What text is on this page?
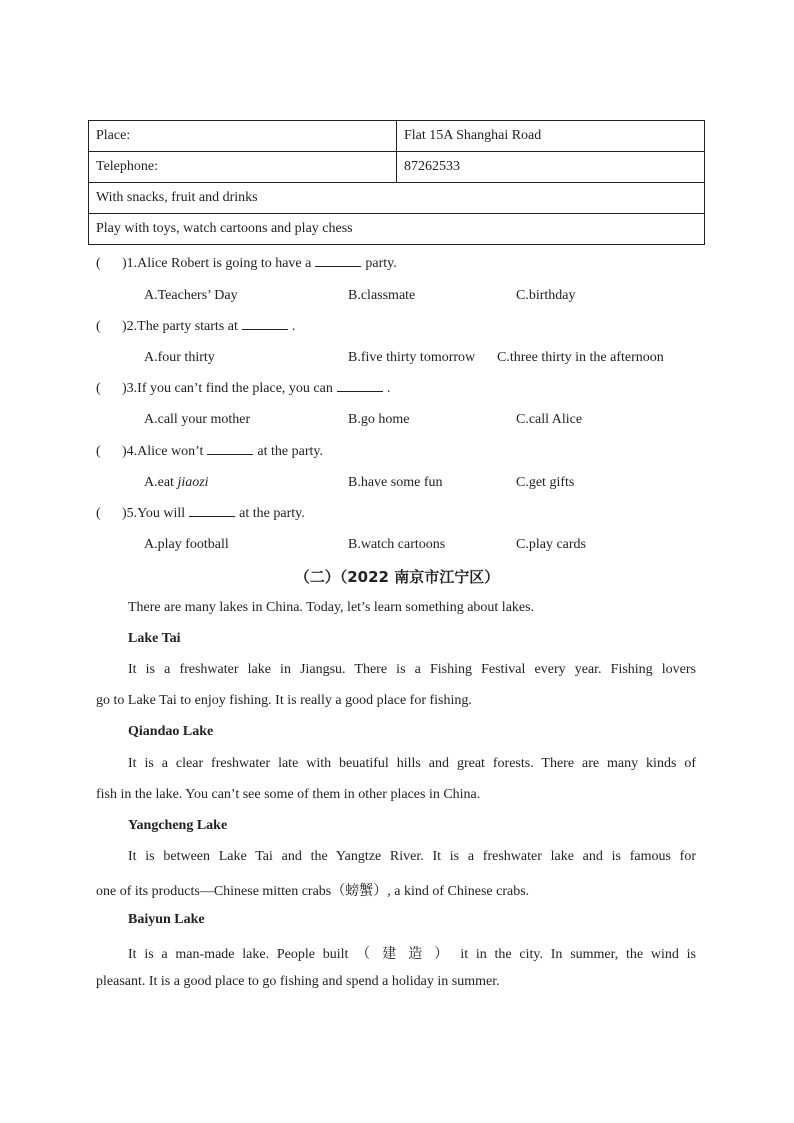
Place:	Flat 15A Shanghai Road
Telephone:	87262533
With snacks, fruit and drinks	
Play with toys, watch cartoons and play chess	
( )1.Alice Robert is going to have a	party.
A.Teachers’ Day	B.classmate	C.birthday
( )2.The party starts at	.
A.four thirty	B.five thirty tomorrow C.three thirty in the afternoon
( )3.If you can’t find the place, you can	.
A.call your mother	B.go home	C.call Alice
( )4.Alice won’t	at the party.
A.eat jiaozi	B.have some fun	C.get gifts
( )5.You will	at the party.
A.play football	B.watch cartoons	C.play cards
（二）（2022 南京市江宁区）
There are many lakes in China. Today, let’s learn something about lakes.
Lake Tai
It is a freshwater lake in Jiangsu. There is a Fishing Festival every year. Fishing lovers
go to Lake Tai to enjoy fishing. It is really a good place for fishing.
Qiandao Lake
It is a clear freshwater late with beuatiful hills and great forests. There are many kinds of
fish in the lake. You can’t see some of them in other places in China.
Yangcheng Lake
It is between Lake Tai and the Yangtze River. It is a freshwater lake and is famous for
one of its products—Chinese mitten crabs（螃蟹）, a kind of Chinese crabs.
Baiyun Lake
It is a man-made lake. People built （ 建 造 ） it in the city. In summer, the wind is
pleasant. It is a good place to go fishing and spend a holiday in summer.
